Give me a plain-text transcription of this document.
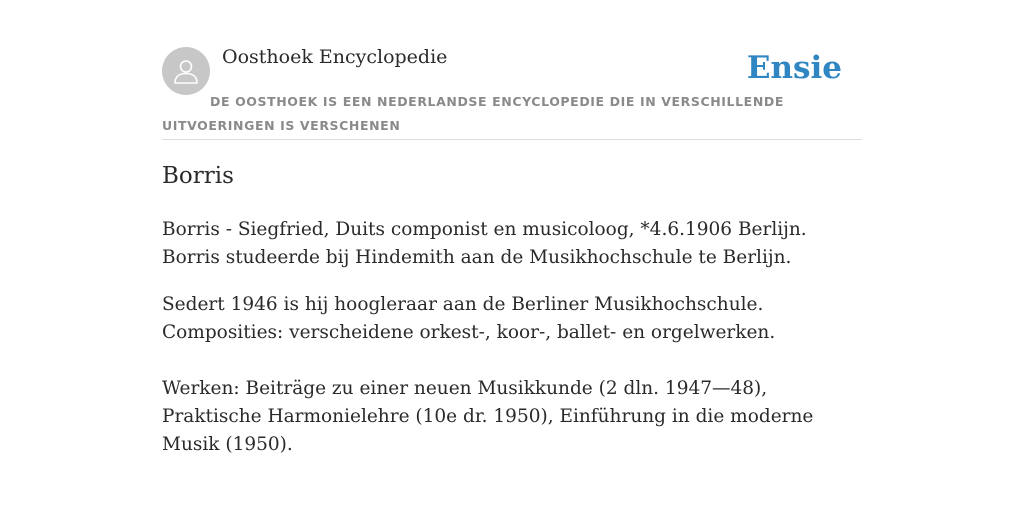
Oosthoek Encyclopedie	Ensie
DE OOSTHOEK IS EEN NEDERLANDSE ENCYCLOPEDIE DIE IN VERSCHILLENDE UITVOERINGEN IS VERSCHENEN
Borris

Borris - Siegfried, Duits componist en musicoloog, *4.6.1906 Berlijn. Borris studeerde bij Hindemith aan de Musikhochschule te Berlijn.

Sedert 1946 is hij hoogleraar aan de Berliner Musikhochschule. Composities: verscheidene orkest-, koor-, ballet- en orgelwerken.

Werken: Beiträge zu einer neuen Musikkunde (2 dln. 1947—48), Praktische Harmonielehre (10e dr. 1950), Einführung in die moderne Musik (1950).
